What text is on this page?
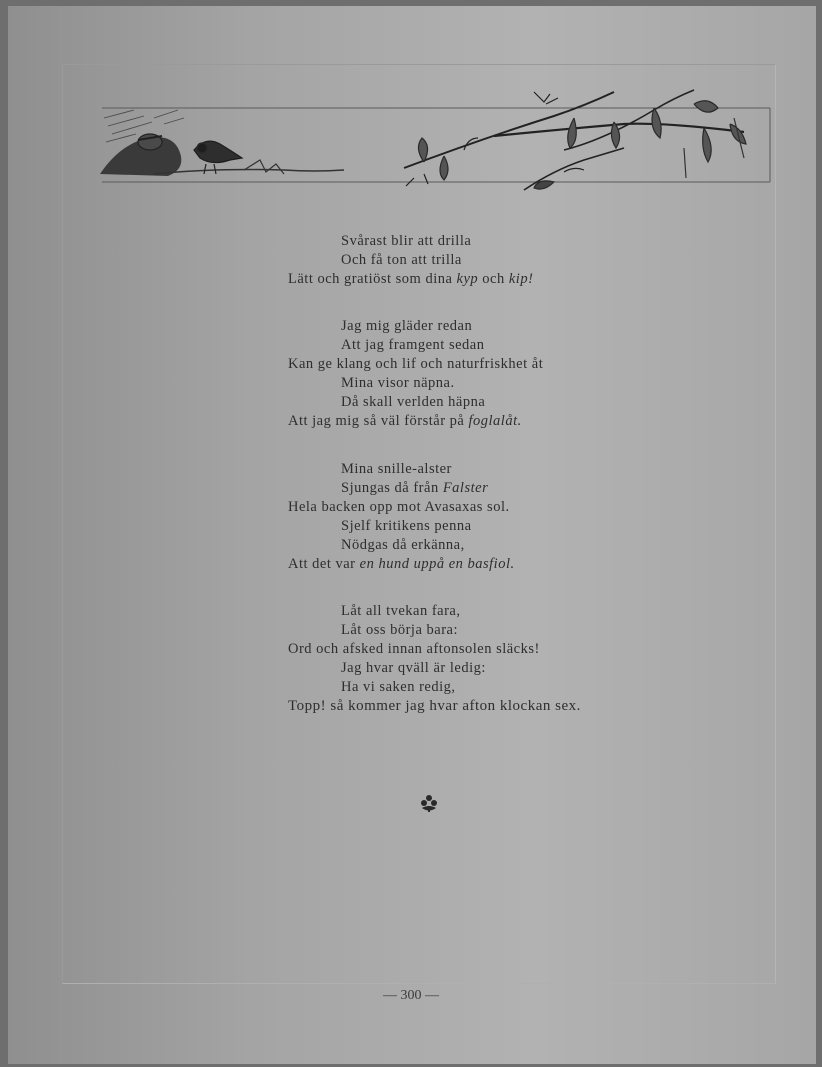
Svårast blir att drilla
Och få ton att trilla
Lätt och gratiöst som dina kyp och kip!
Jag mig gläder redan
Att jag framgent sedan
Kan ge klang och lif och naturfriskhet åt
Mina visor näpna.
Då skall verlden häpna
Att jag mig så väl förstår på foglalåt.
Mina snille-alster
Sjungas då från Falster
Hela backen opp mot Avasaxas sol.
Sjelf kritikens penna
Nödgas då erkänna,
Att det var en hund uppå en basfiol.
Låt all tvekan fara,
Låt oss börja bara:
Ord och afsked innan aftonsolen släcks!
Jag hvar qväll är ledig:
Ha vi saken redig,
Topp! så kommer jag hvar afton klockan sex.
— 300 —
